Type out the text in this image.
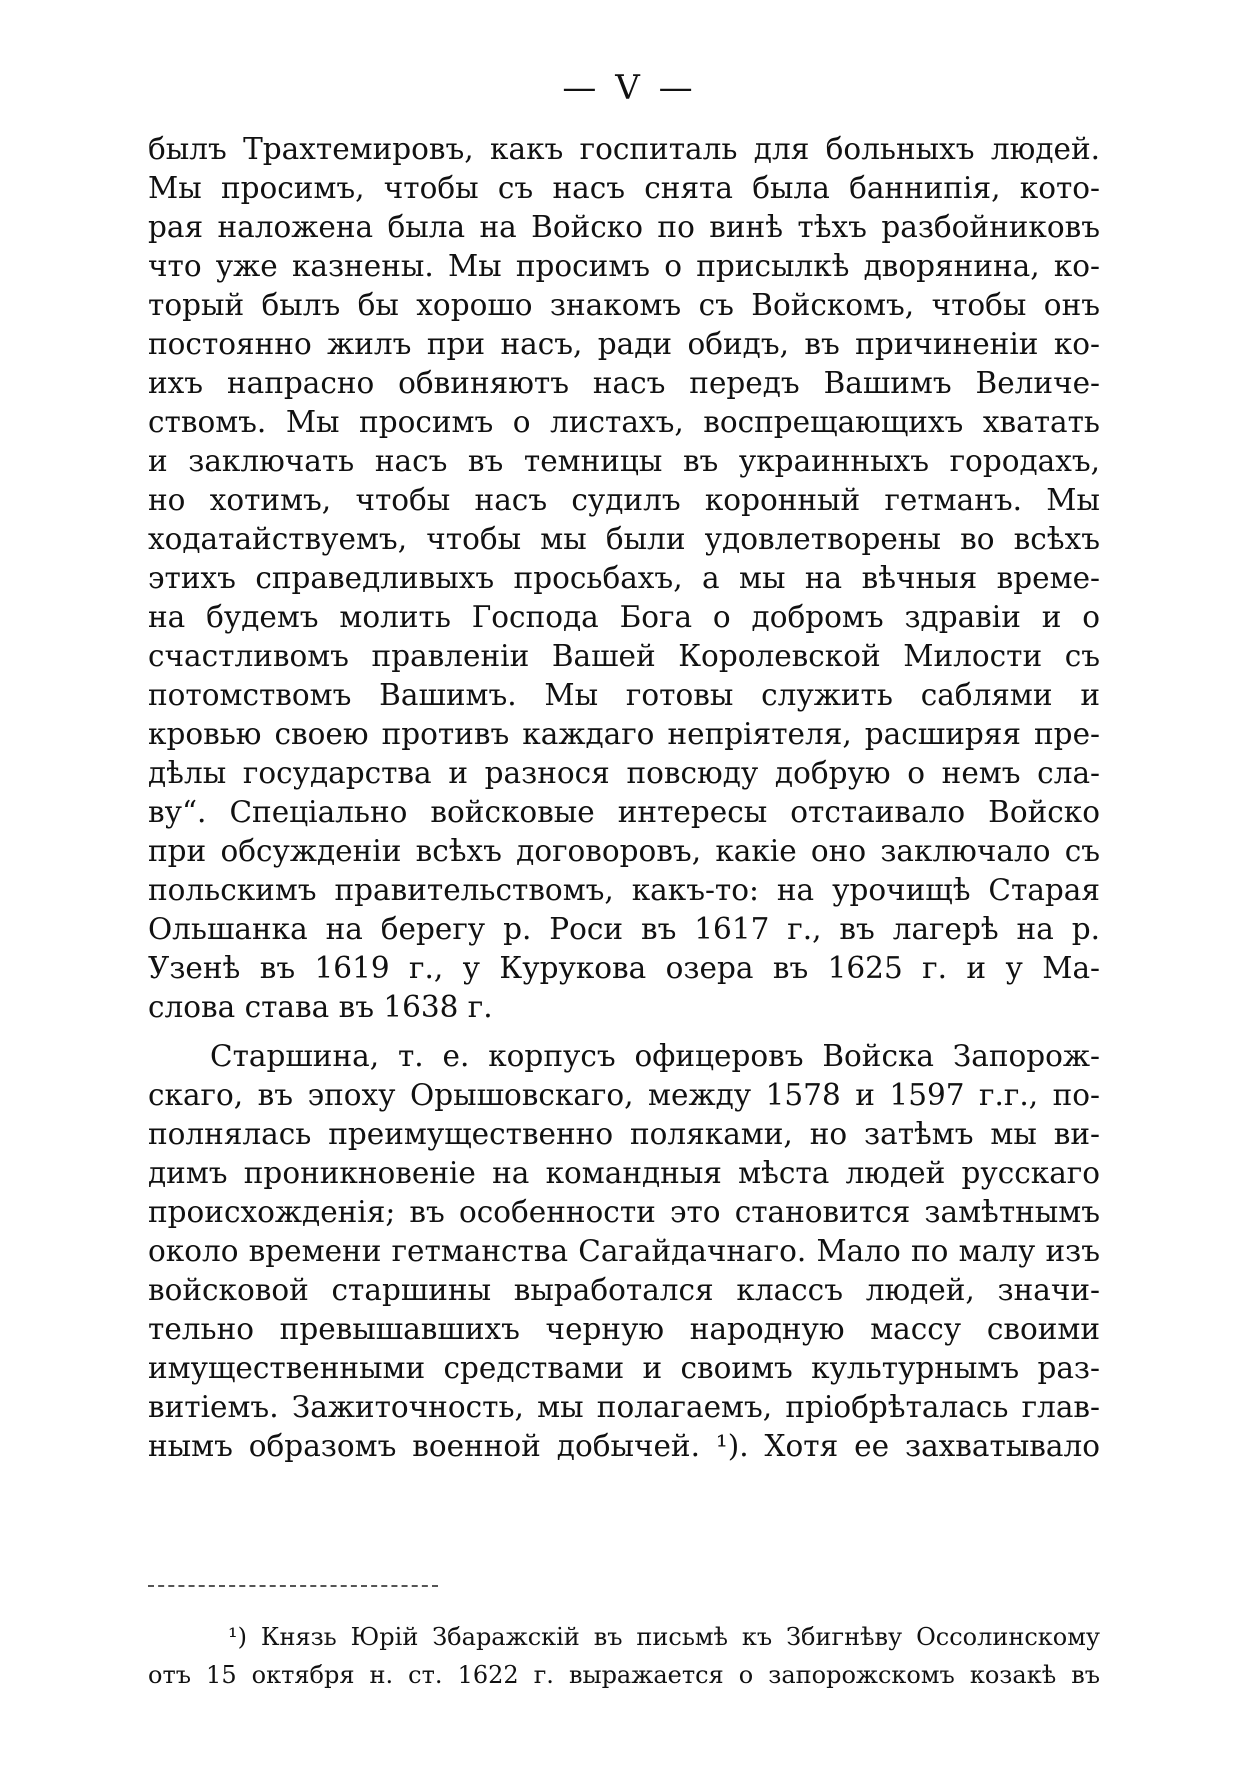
— V —
былъ Трахтемировъ, какъ госпиталь для больныхъ людей.
Мы просимъ, чтобы съ насъ снята была баннипія, кото-
рая наложена была на Войско по винѣ тѣхъ разбойниковъ
что уже казнены. Мы просимъ о присылкѣ дворянина, ко-
торый былъ бы хорошо знакомъ съ Войскомъ, чтобы онъ
постоянно жилъ при насъ, ради обидъ, въ причиненіи ко-
ихъ напрасно обвиняютъ насъ передъ Вашимъ Величе-
ствомъ. Мы просимъ о листахъ, воспрещающихъ хватать
и заключать насъ въ темницы въ украинныхъ городахъ,
но хотимъ, чтобы насъ судилъ коронный гетманъ. Мы
ходатайствуемъ, чтобы мы были удовлетворены во всѣхъ
этихъ справедливыхъ просьбахъ, а мы на вѣчныя време-
на будемъ молить Господа Бога о добромъ здравіи и о
счастливомъ правленіи Вашей Королевской Милости съ
потомствомъ Вашимъ. Мы готовы служить саблями и
кровью своею противъ каждаго непріятеля, расширяя пре-
дѣлы государства и разнося повсюду добрую о немъ сла-
ву“. Спеціально войсковые интересы отстаивало Войско
при обсужденіи всѣхъ договоровъ, какіе оно заключало съ
польскимъ правительствомъ, какъ-то: на урочищѣ Старая
Ольшанка на берегу р. Роси въ 1617 г., въ лагерѣ на р.
Узенѣ въ 1619 г., у Курукова озера въ 1625 г. и у Ма-
слова става въ 1638 г.
Старшина, т. е. корпусъ офицеровъ Войска Запорож-
скаго, въ эпоху Орышовскаго, между 1578 и 1597 г.г., по-
полнялась преимущественно поляками, но затѣмъ мы ви-
димъ проникновеніе на командныя мѣста людей русскаго
происхожденія; въ особенности это становится замѣтнымъ
около времени гетманства Сагайдачнаго. Мало по малу изъ
войсковой старшины выработался классъ людей, значи-
тельно превышавшихъ черную народную массу своими
имущественными средствами и своимъ культурнымъ раз-
витіемъ. Зажиточность, мы полагаемъ, пріобрѣталась глав-
нымъ образомъ военной добычей. ¹). Хотя ее захватывало
¹) Князь Юрій Збаражскій въ письмѣ къ Збигнѣву Оссолинскому
отъ 15 октября н. ст. 1622 г. выражается о запорожскомъ козакѣ въ
